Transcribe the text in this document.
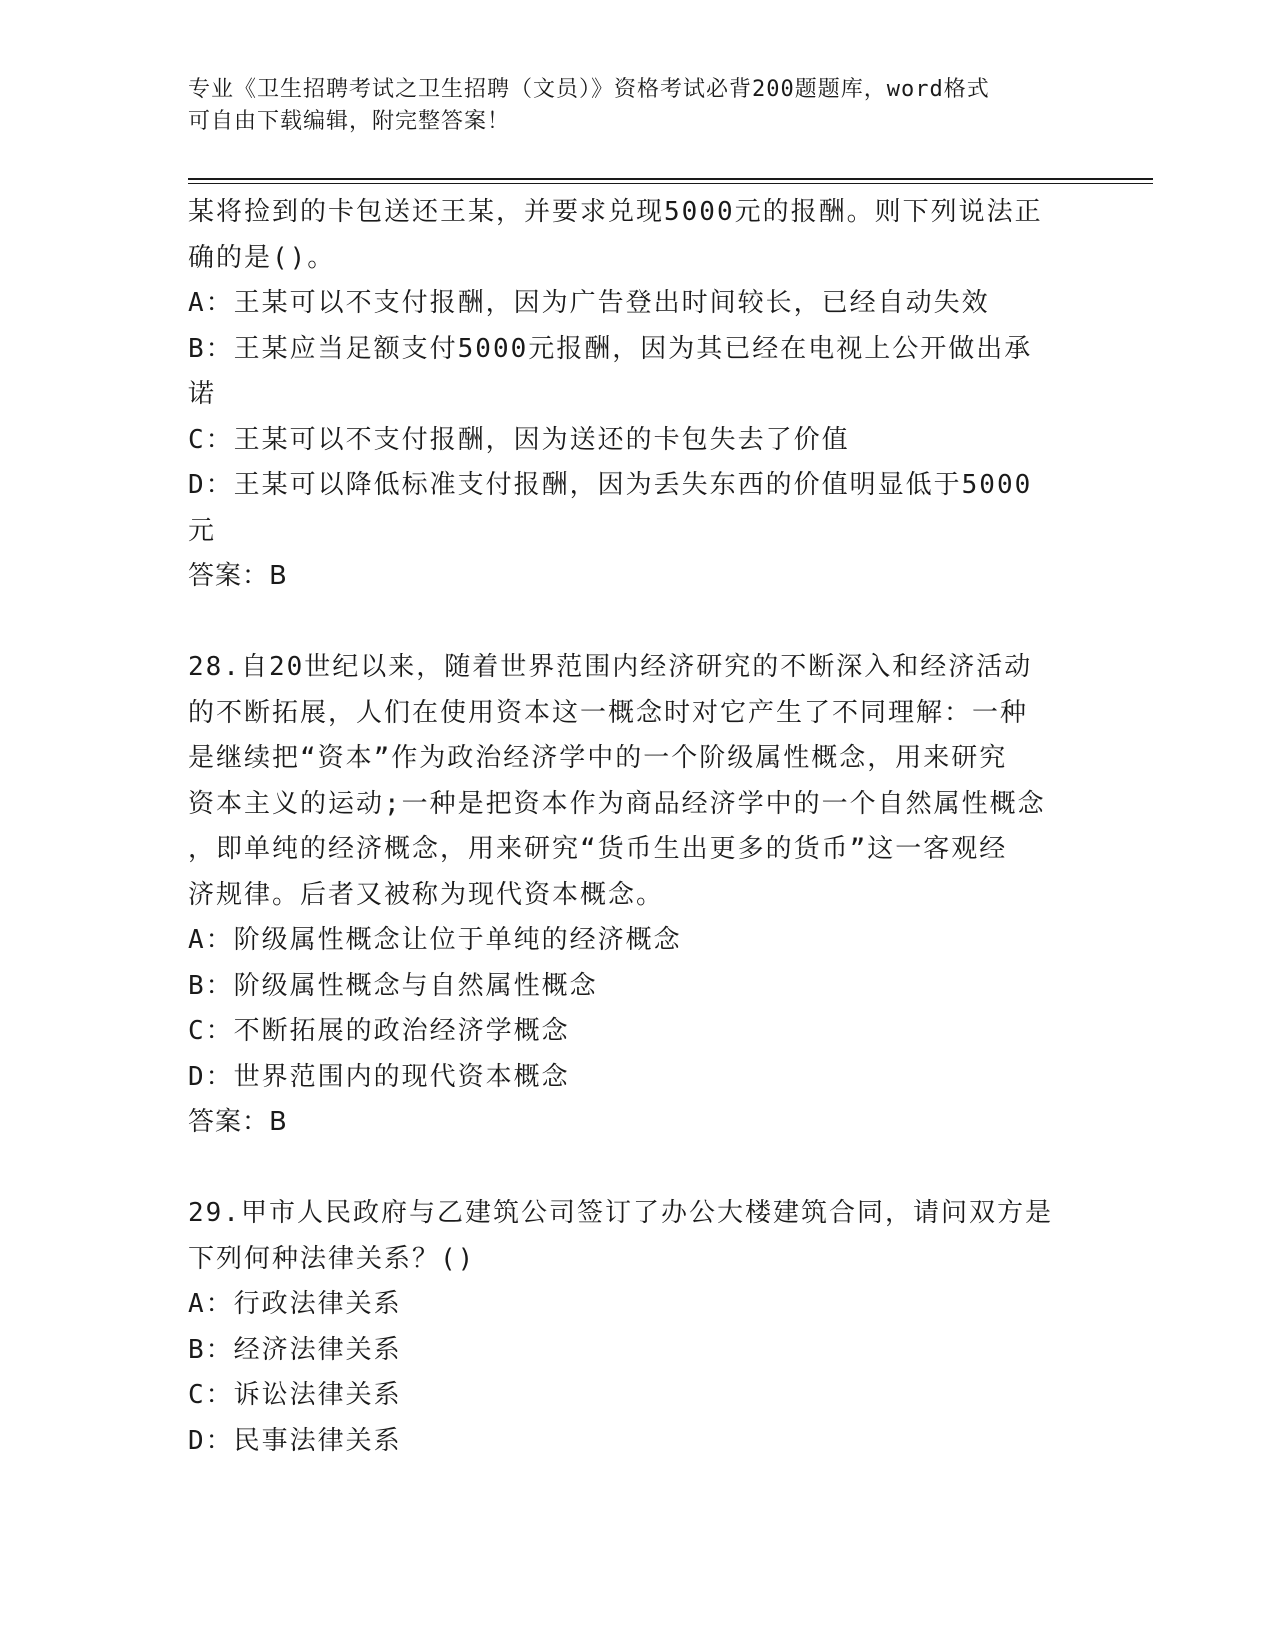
专业《卫生招聘考试之卫生招聘（文员）》资格考试必背200题题库，word格式
可自由下载编辑，附完整答案！
某将捡到的卡包送还王某，并要求兑现5000元的报酬。则下列说法正
确的是()。
A：王某可以不支付报酬，因为广告登出时间较长，已经自动失效
B：王某应当足额支付5000元报酬，因为其已经在电视上公开做出承
诺
C：王某可以不支付报酬，因为送还的卡包失去了价值
D：王某可以降低标准支付报酬，因为丢失东西的价值明显低于5000
元
答案：B
28.自20世纪以来，随着世界范围内经济研究的不断深入和经济活动
的不断拓展，人们在使用资本这一概念时对它产生了不同理解：一种
是继续把“资本”作为政治经济学中的一个阶级属性概念，用来研究
资本主义的运动;一种是把资本作为商品经济学中的一个自然属性概念
，即单纯的经济概念，用来研究“货币生出更多的货币”这一客观经
济规律。后者又被称为现代资本概念。
A：阶级属性概念让位于单纯的经济概念
B：阶级属性概念与自然属性概念
C：不断拓展的政治经济学概念
D：世界范围内的现代资本概念
答案：B
29.甲市人民政府与乙建筑公司签订了办公大楼建筑合同，请问双方是
下列何种法律关系？()
A：行政法律关系
B：经济法律关系
C：诉讼法律关系
D：民事法律关系
